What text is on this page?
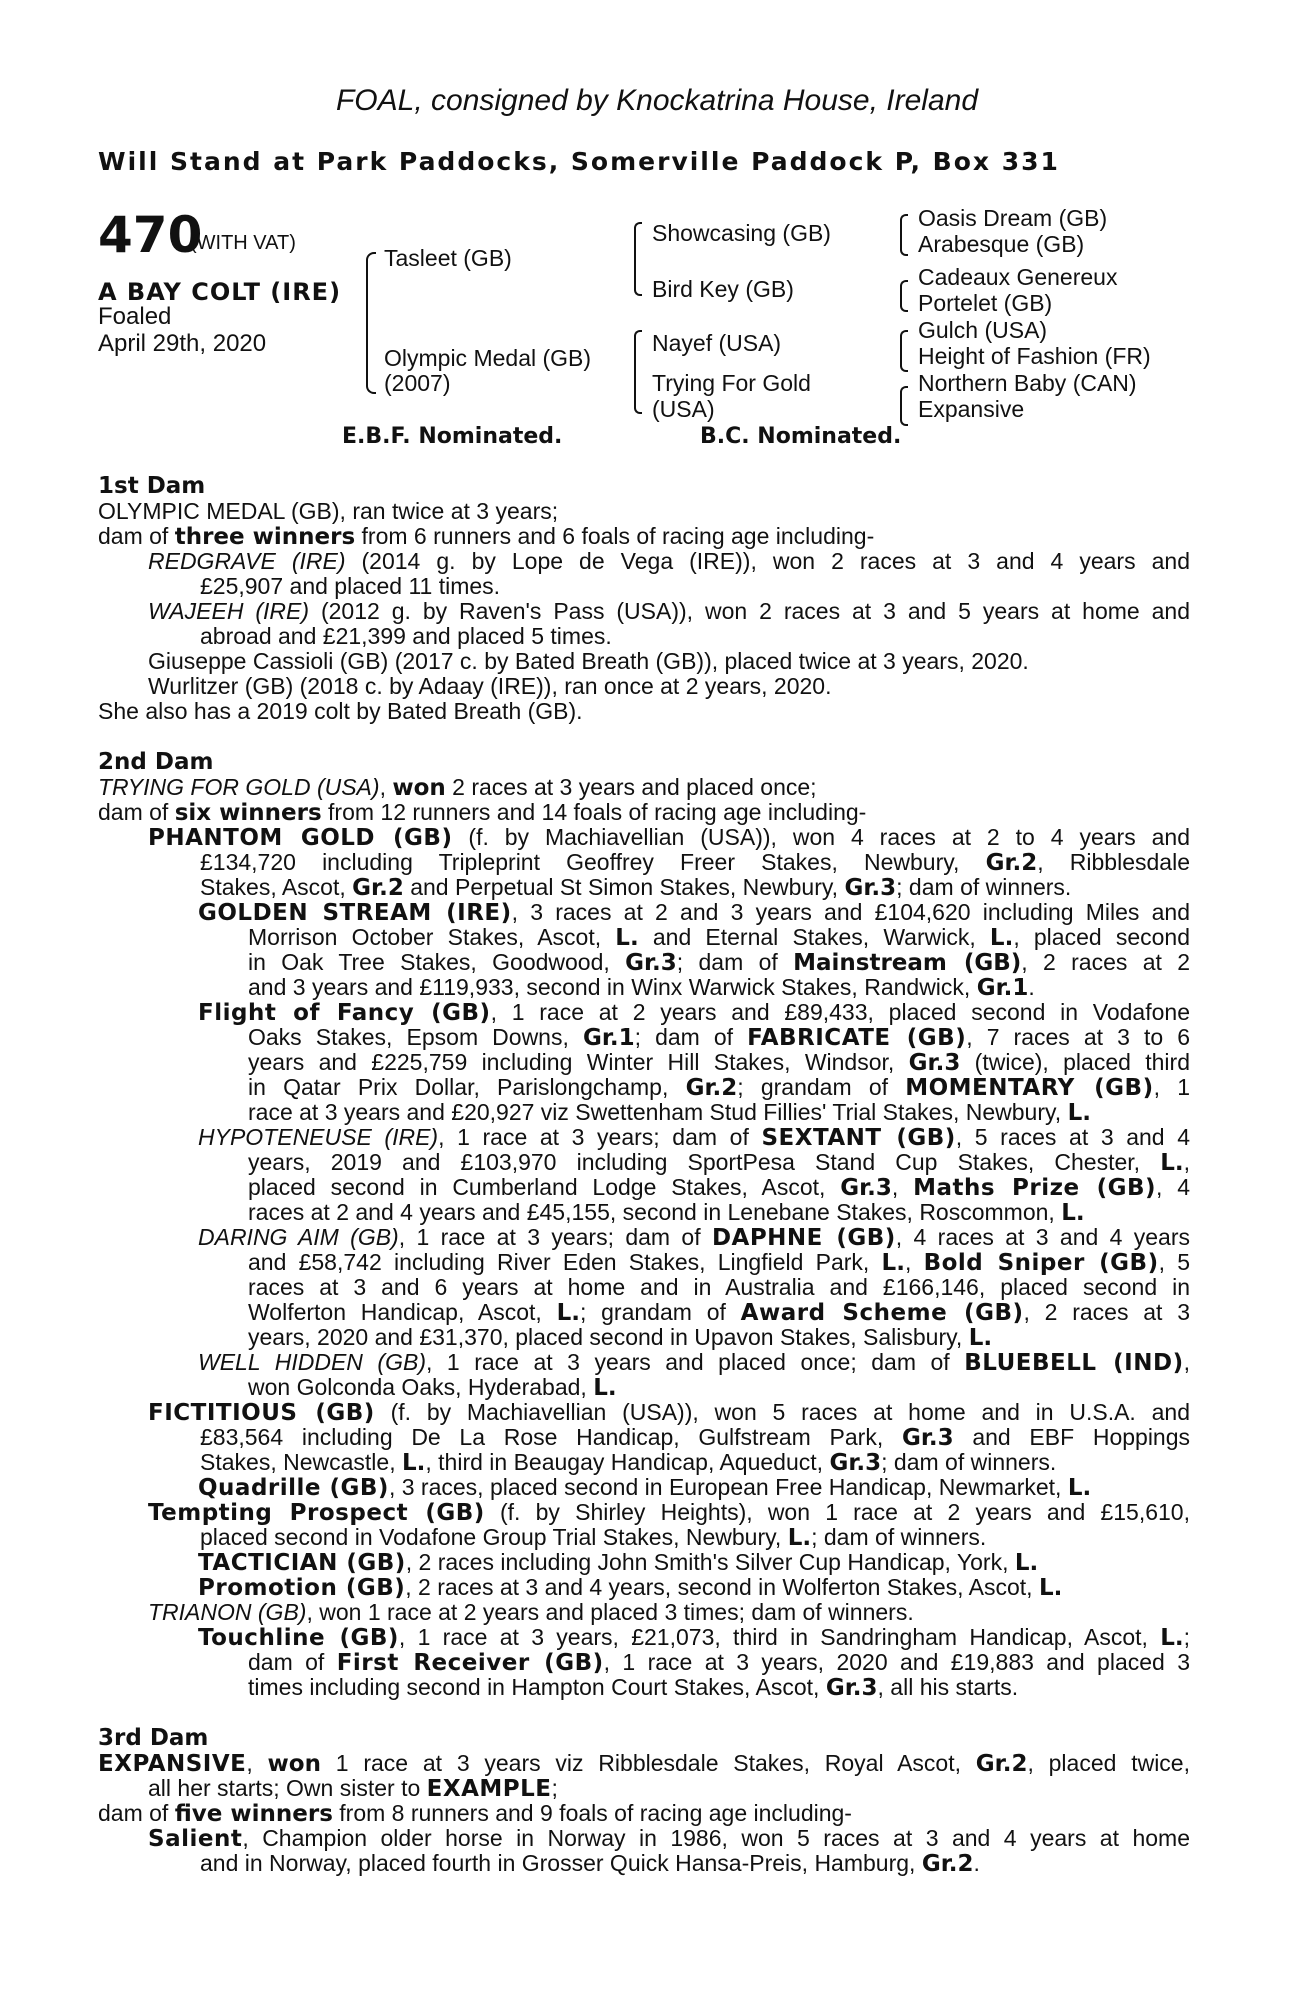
FOAL, consigned by Knockatrina House, Ireland
Will Stand at Park Paddocks, Somerville Paddock P, Box 331
470
(WITH VAT)
A BAY COLT (IRE)
Foaled
April 29th, 2020
Tasleet (GB)
Olympic Medal (GB)
(2007)
Showcasing (GB)
Bird Key (GB)
Nayef (USA)
Trying For Gold
(USA)
Oasis Dream (GB)
Arabesque (GB)
Cadeaux Genereux
Portelet (GB)
Gulch (USA)
Height of Fashion (FR)
Northern Baby (CAN)
Expansive
E.B.F. Nominated.	B.C. Nominated.

1st Dam

OLYMPIC MEDAL (GB), ran twice at 3 years;

dam of three winners from 6 runners and 6 foals of racing age including-

REDGRAVE (IRE) (2014 g. by Lope de Vega (IRE)), won 2 races at 3 and 4 years and

£25,907 and placed 11 times.

WAJEEH (IRE) (2012 g. by Raven's Pass (USA)), won 2 races at 3 and 5 years at home and

abroad and £21,399 and placed 5 times.

Giuseppe Cassioli (GB) (2017 c. by Bated Breath (GB)), placed twice at 3 years, 2020.

Wurlitzer (GB) (2018 c. by Adaay (IRE)), ran once at 2 years, 2020.

She also has a 2019 colt by Bated Breath (GB).

2nd Dam

TRYING FOR GOLD (USA), won 2 races at 3 years and placed once;

dam of six winners from 12 runners and 14 foals of racing age including-

PHANTOM GOLD (GB) (f. by Machiavellian (USA)), won 4 races at 2 to 4 years and

£134,720 including Tripleprint Geoffrey Freer Stakes, Newbury, Gr.2, Ribblesdale

Stakes, Ascot, Gr.2 and Perpetual St Simon Stakes, Newbury, Gr.3; dam of winners.

GOLDEN STREAM (IRE), 3 races at 2 and 3 years and £104,620 including Miles and

Morrison October Stakes, Ascot, L. and Eternal Stakes, Warwick, L., placed second

in Oak Tree Stakes, Goodwood, Gr.3; dam of Mainstream (GB), 2 races at 2

and 3 years and £119,933, second in Winx Warwick Stakes, Randwick, Gr.1.

Flight of Fancy (GB), 1 race at 2 years and £89,433, placed second in Vodafone

Oaks Stakes, Epsom Downs, Gr.1; dam of FABRICATE (GB), 7 races at 3 to 6

years and £225,759 including Winter Hill Stakes, Windsor, Gr.3 (twice), placed third

in Qatar Prix Dollar, Parislongchamp, Gr.2; grandam of MOMENTARY (GB), 1

race at 3 years and £20,927 viz Swettenham Stud Fillies' Trial Stakes, Newbury, L.

HYPOTENEUSE (IRE), 1 race at 3 years; dam of SEXTANT (GB), 5 races at 3 and 4

years, 2019 and £103,970 including SportPesa Stand Cup Stakes, Chester, L.,

placed second in Cumberland Lodge Stakes, Ascot, Gr.3, Maths Prize (GB), 4

races at 2 and 4 years and £45,155, second in Lenebane Stakes, Roscommon, L.

DARING AIM (GB), 1 race at 3 years; dam of DAPHNE (GB), 4 races at 3 and 4 years

and £58,742 including River Eden Stakes, Lingfield Park, L., Bold Sniper (GB), 5

races at 3 and 6 years at home and in Australia and £166,146, placed second in

Wolferton Handicap, Ascot, L.; grandam of Award Scheme (GB), 2 races at 3

years, 2020 and £31,370, placed second in Upavon Stakes, Salisbury, L.

WELL HIDDEN (GB), 1 race at 3 years and placed once; dam of BLUEBELL (IND),

won Golconda Oaks, Hyderabad, L.

FICTITIOUS (GB) (f. by Machiavellian (USA)), won 5 races at home and in U.S.A. and

£83,564 including De La Rose Handicap, Gulfstream Park, Gr.3 and EBF Hoppings

Stakes, Newcastle, L., third in Beaugay Handicap, Aqueduct, Gr.3; dam of winners.

Quadrille (GB), 3 races, placed second in European Free Handicap, Newmarket, L.

Tempting Prospect (GB) (f. by Shirley Heights), won 1 race at 2 years and £15,610,

placed second in Vodafone Group Trial Stakes, Newbury, L.; dam of winners.

TACTICIAN (GB), 2 races including John Smith's Silver Cup Handicap, York, L.

Promotion (GB), 2 races at 3 and 4 years, second in Wolferton Stakes, Ascot, L.

TRIANON (GB), won 1 race at 2 years and placed 3 times; dam of winners.

Touchline (GB), 1 race at 3 years, £21,073, third in Sandringham Handicap, Ascot, L.;

dam of First Receiver (GB), 1 race at 3 years, 2020 and £19,883 and placed 3

times including second in Hampton Court Stakes, Ascot, Gr.3, all his starts.

3rd Dam

EXPANSIVE, won 1 race at 3 years viz Ribblesdale Stakes, Royal Ascot, Gr.2, placed twice,

all her starts; Own sister to EXAMPLE;

dam of five winners from 8 runners and 9 foals of racing age including-

Salient, Champion older horse in Norway in 1986, won 5 races at 3 and 4 years at home

and in Norway, placed fourth in Grosser Quick Hansa-Preis, Hamburg, Gr.2.
